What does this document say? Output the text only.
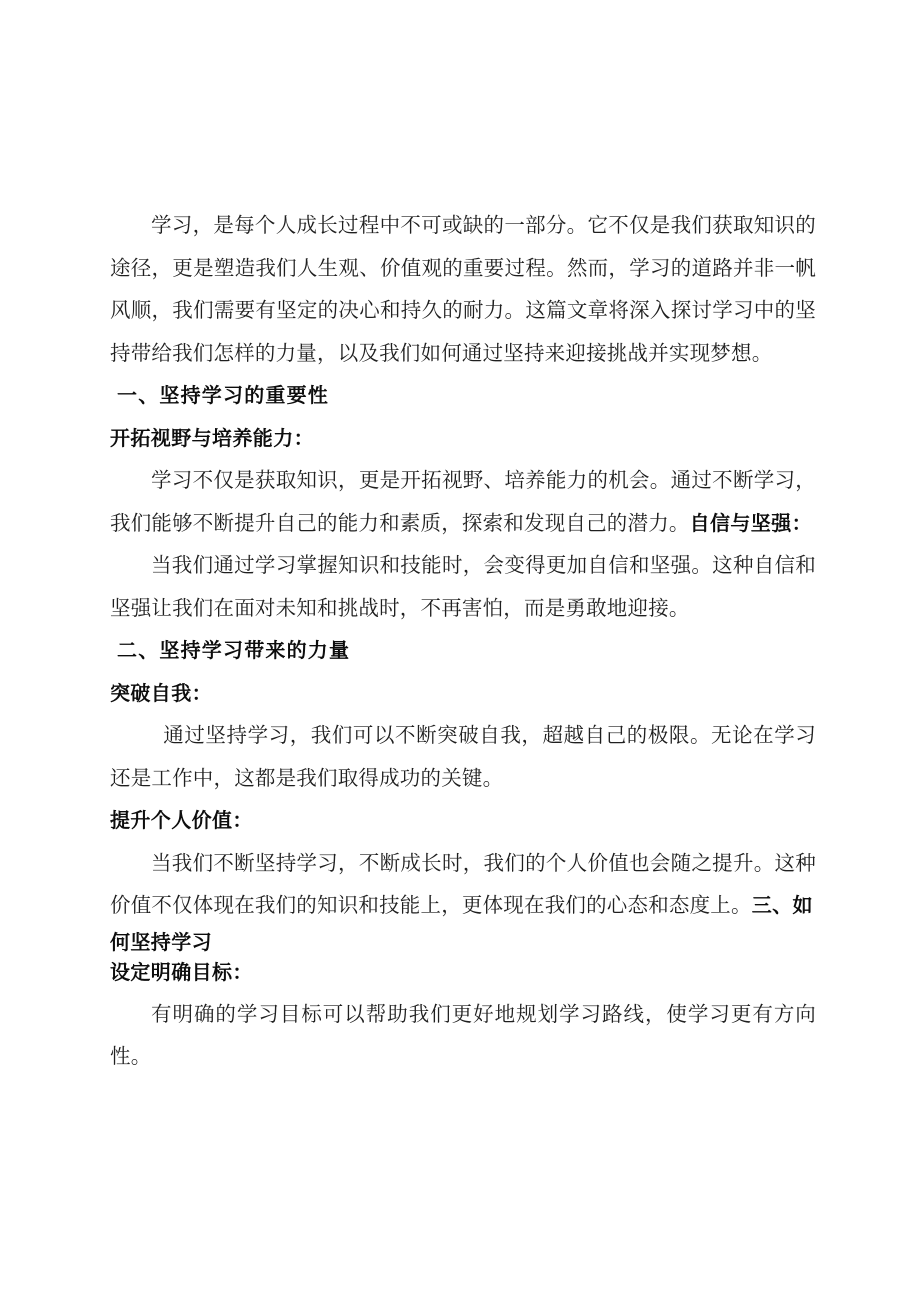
学习，是每个人成长过程中不可或缺的一部分。它不仅是我们获取知识的途径，更是塑造我们人生观、价值观的重要过程。然而，学习的道路并非一帆风顺，我们需要有坚定的决心和持久的耐力。这篇文章将深入探讨学习中的坚持带给我们怎样的力量，以及我们如何通过坚持来迎接挑战并实现梦想。

一、坚持学习的重要性

开拓视野与培养能力：

学习不仅是获取知识，更是开拓视野、培养能力的机会。通过不断学习，我们能够不断提升自己的能力和素质，探索和发现自己的潜力。自信与坚强：

当我们通过学习掌握知识和技能时，会变得更加自信和坚强。这种自信和坚强让我们在面对未知和挑战时，不再害怕，而是勇敢地迎接。

二、坚持学习带来的力量

突破自我：

通过坚持学习，我们可以不断突破自我，超越自己的极限。无论在学习还是工作中，这都是我们取得成功的关键。

提升个人价值：

当我们不断坚持学习，不断成长时，我们的个人价值也会随之提升。这种价值不仅体现在我们的知识和技能上，更体现在我们的心态和态度上。三、如

何坚持学习

设定明确目标：

有明确的学习目标可以帮助我们更好地规划学习路线，使学习更有方向性。
